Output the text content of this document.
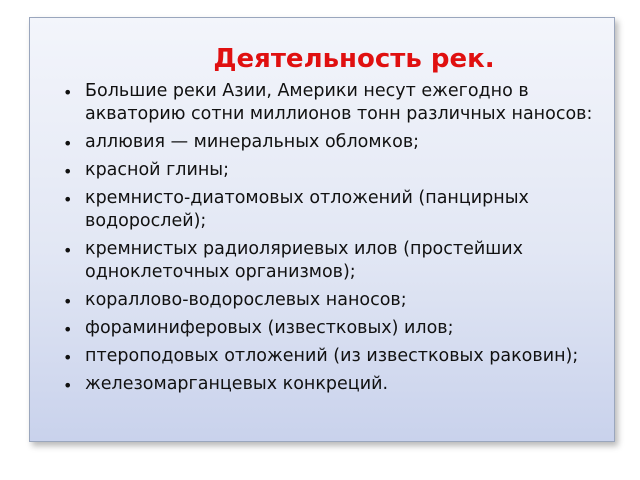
Деятельность рек.
• Большие реки Азии, Америки несут ежегодно в акваторию сотни миллионов тонн различных наносов:
• аллювия — минеральных обломков;
• красной глины;
• кремнисто-диатомовых отложений (панцирных водорослей);
• кремнистых радиоляриевых илов (простейших одноклеточных организмов);
• кораллово-водорослевых наносов;
• фораминиферовых (известковых) илов;
• птероподовых отложений (из известковых раковин);
• железомарганцевых конкреций.
